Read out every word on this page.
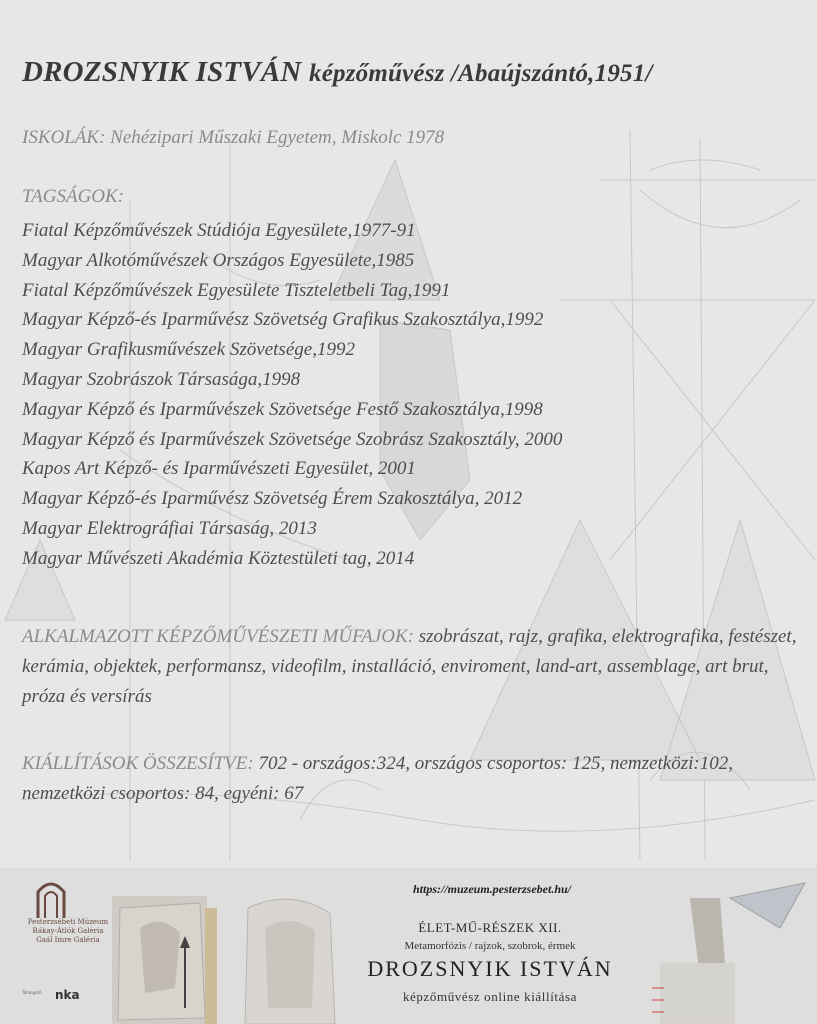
DROZSNYIK ISTVÁN képzőművész /Abaújszántó,1951/

ISKOLÁK: Nehézipari Műszaki Egyetem, Miskolc 1978

TAGSÁGOK:

Fiatal Képzőművészek Stúdiója Egyesülete,1977-91
Magyar Alkotóművészek Országos Egyesülete,1985
Fiatal Képzőművészek Egyesülete Tiszteletbeli Tag,1991
Magyar Képző-és Iparművész Szövetség Grafikus Szakosztálya,1992
Magyar Grafikusművészek Szövetsége,1992
Magyar Szobrászok Társasága,1998
Magyar Képző és Iparművészek Szövetsége Festő Szakosztálya,1998
Magyar Képző és Iparművészek Szövetsége Szobrász Szakosztály, 2000
Kapos Art Képző- és Iparművészeti Egyesület, 2001
Magyar Képző-és Iparművész Szövetség Érem Szakosztálya, 2012
Magyar Elektrográfiai Társaság, 2013
Magyar Művészeti Akadémia Köztestületi tag, 2014

ALKALMAZOTT KÉPZŐMŰVÉSZETI MŰFAJOK: szobrászat, rajz, grafika, elektrografika, festészet, kerámia, objektek, performansz, videofilm, installáció, enviroment, land-art, assemblage, art brut, próza és versírás

KIÁLLÍTÁSOK ÖSSZESÍTVE: 702 - országos:324, országos csoportos: 125, nemzetközi:102, nemzetközi csoportos: 84, egyéni: 67

Pesterzsébeti Múzeum
Rákay-Átlók Galéria
Gaál Imre Galéria
Támogató nka
https://muzeum.pesterzsebet.hu/
ÉLET-MŰ-RÉSZEK XII.
Metamorfózis / rajzok, szobrok, érmek
DROZSNYIK ISTVÁN
képzőművész online kiállítása
